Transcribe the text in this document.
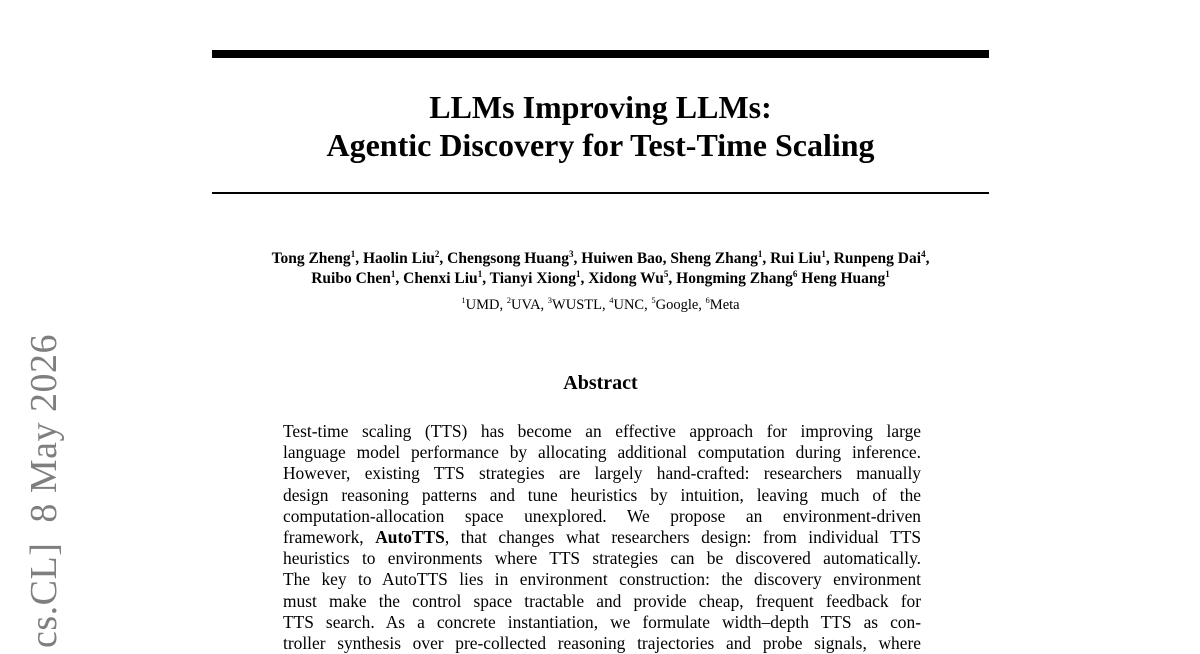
LLMs Improving LLMs:
Agentic Discovery for Test-Time Scaling
Tong Zheng$^1$, Haolin Liu$^2$, Chengsong Huang$^3$, Huiwen Bao, Sheng Zhang$^1$, Rui Liu$^1$, Runpeng Dai$^4$,
Ruibo Chen$^1$, Chenxi Liu$^1$, Tianyi Xiong$^1$, Xidong Wu$^5$, Hongming Zhang$^6$ Heng Huang$^1$
$^1$UMD, $^2$UVA, $^3$WUSTL, $^4$UNC, $^5$Google, $^6$Meta
Abstract
Test-time scaling (TTS) has become an effective approach for improving large
language model performance by allocating additional computation during inference.
However, existing TTS strategies are largely hand-crafted: researchers manually
design reasoning patterns and tune heuristics by intuition, leaving much of the
computation-allocation space unexplored. We propose an environment-driven
framework, AutoTTS, that changes what researchers design: from individual TTS
heuristics to environments where TTS strategies can be discovered automatically.
The key to AutoTTS lies in environment construction: the discovery environment
must make the control space tractable and provide cheap, frequent feedback for
TTS search. As a concrete instantiation, we formulate width–depth TTS as con-
troller synthesis over pre-collected reasoning trajectories and probe signals, where
cs.CL]  8 May 2026
